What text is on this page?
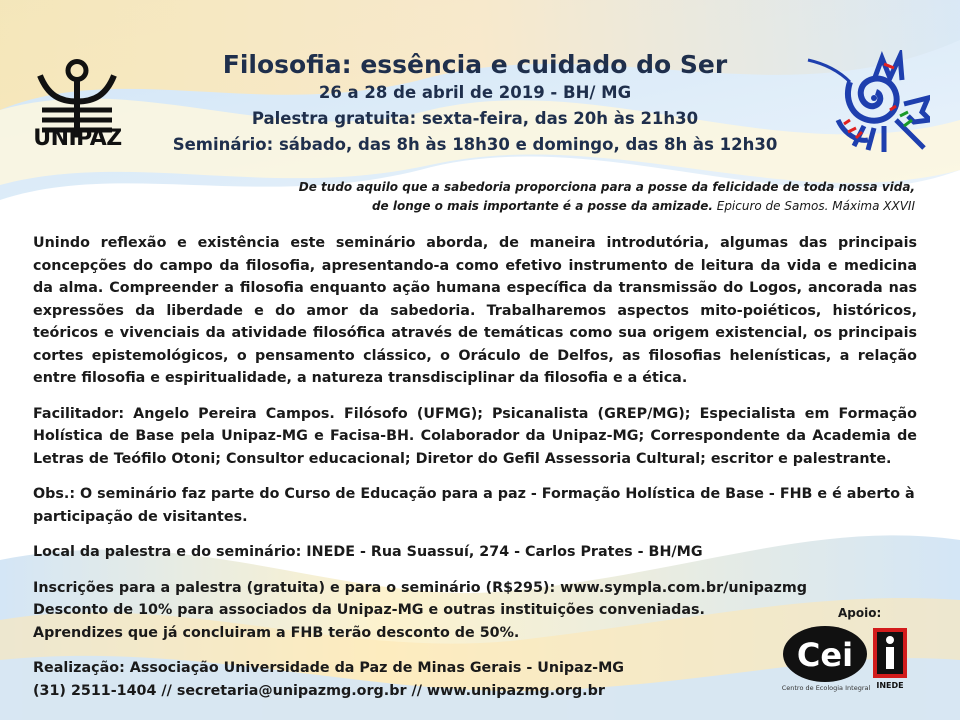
UNIPAZ
Filosofia: essência e cuidado do Ser
26 a 28 de abril de 2019 - BH/ MG
Palestra gratuita: sexta-feira, das 20h às 21h30
Seminário: sábado, das 8h às 18h30 e domingo, das 8h às 12h30
De tudo aquilo que a sabedoria proporciona para a posse da felicidade de toda nossa vida,
de longe o mais importante é a posse da amizade. Epicuro de Samos. Máxima XXVII

Unindo reflexão e existência este seminário aborda, de maneira introdutória, algumas das principais concepções do campo da filosofia, apresentando-a como efetivo instrumento de leitura da vida e medicina da alma. Compreender a filosofia enquanto ação humana específica da transmissão do Logos, ancorada nas expressões da liberdade e do amor da sabedoria. Trabalharemos aspectos mito-poiéticos, históricos, teóricos e vivenciais da atividade filosófica através de temáticas como sua origem existencial, os principais cortes epistemológicos, o pensamento clássico, o Oráculo de Delfos, as filosofias helenísticas, a relação entre filosofia e espiritualidade, a natureza transdisciplinar da filosofia e a ética.

Facilitador: Angelo Pereira Campos. Filósofo (UFMG); Psicanalista (GREP/MG); Especialista em Formação Holística de Base pela Unipaz-MG e Facisa-BH. Colaborador da Unipaz-MG; Correspondente da Academia de Letras de Teófilo Otoni; Consultor educacional; Diretor do Gefil Assessoria Cultural; escritor e palestrante.

Obs.: O seminário faz parte do Curso de Educação para a paz - Formação Holística de Base - FHB e é aberto à participação de visitantes.

Local da palestra e do seminário: INEDE - Rua Suassuí, 274 - Carlos Prates - BH/MG

Inscrições para a palestra (gratuita) e para o seminário (R$295): www.sympla.com.br/unipazmg

Desconto de 10% para associados da Unipaz-MG e outras instituições conveniadas.

Aprendizes que já concluiram a FHB terão desconto de 50%.

Realização: Associação Universidade da Paz de Minas Gerais - Unipaz-MG

(31) 2511-1404 // secretaria@unipazmg.org.br // www.unipazmg.org.br

Apoio:
Cei
Centro de Ecologia Integral INEDE
